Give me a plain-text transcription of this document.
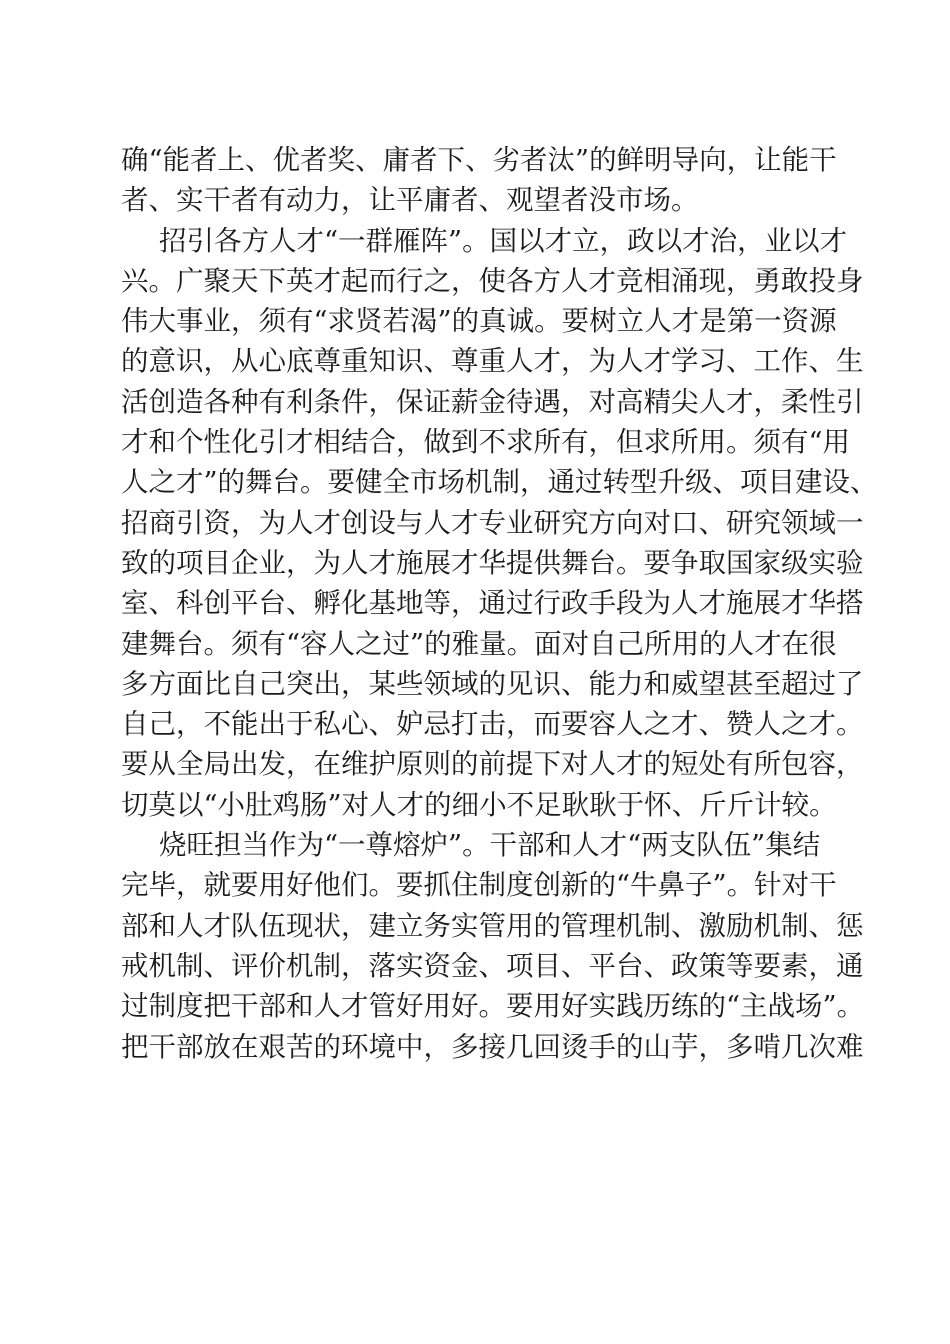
确“能者上、优者奖、庸者下、劣者汰”的鲜明导向，让能干
者、实干者有动力，让平庸者、观望者没市场。
招引各方人才“一群雁阵”。国以才立，政以才治，业以才
兴。广聚天下英才起而行之，使各方人才竞相涌现，勇敢投身
伟大事业，须有“求贤若渴”的真诚。要树立人才是第一资源
的意识，从心底尊重知识、尊重人才，为人才学习、工作、生
活创造各种有利条件，保证薪金待遇，对高精尖人才，柔性引
才和个性化引才相结合，做到不求所有，但求所用。须有“用
人之才”的舞台。要健全市场机制，通过转型升级、项目建设、
招商引资，为人才创设与人才专业研究方向对口、研究领域一
致的项目企业，为人才施展才华提供舞台。要争取国家级实验
室、科创平台、孵化基地等，通过行政手段为人才施展才华搭
建舞台。须有“容人之过”的雅量。面对自己所用的人才在很
多方面比自己突出，某些领域的见识、能力和威望甚至超过了
自己，不能出于私心、妒忌打击，而要容人之才、赞人之才。
要从全局出发，在维护原则的前提下对人才的短处有所包容，
切莫以“小肚鸡肠”对人才的细小不足耿耿于怀、斤斤计较。
烧旺担当作为“一尊熔炉”。干部和人才“两支队伍”集结
完毕，就要用好他们。要抓住制度创新的“牛鼻子”。针对干
部和人才队伍现状，建立务实管用的管理机制、激励机制、惩
戒机制、评价机制，落实资金、项目、平台、政策等要素，通
过制度把干部和人才管好用好。要用好实践历练的“主战场”。
把干部放在艰苦的环境中，多接几回烫手的山芋，多啃几次难
